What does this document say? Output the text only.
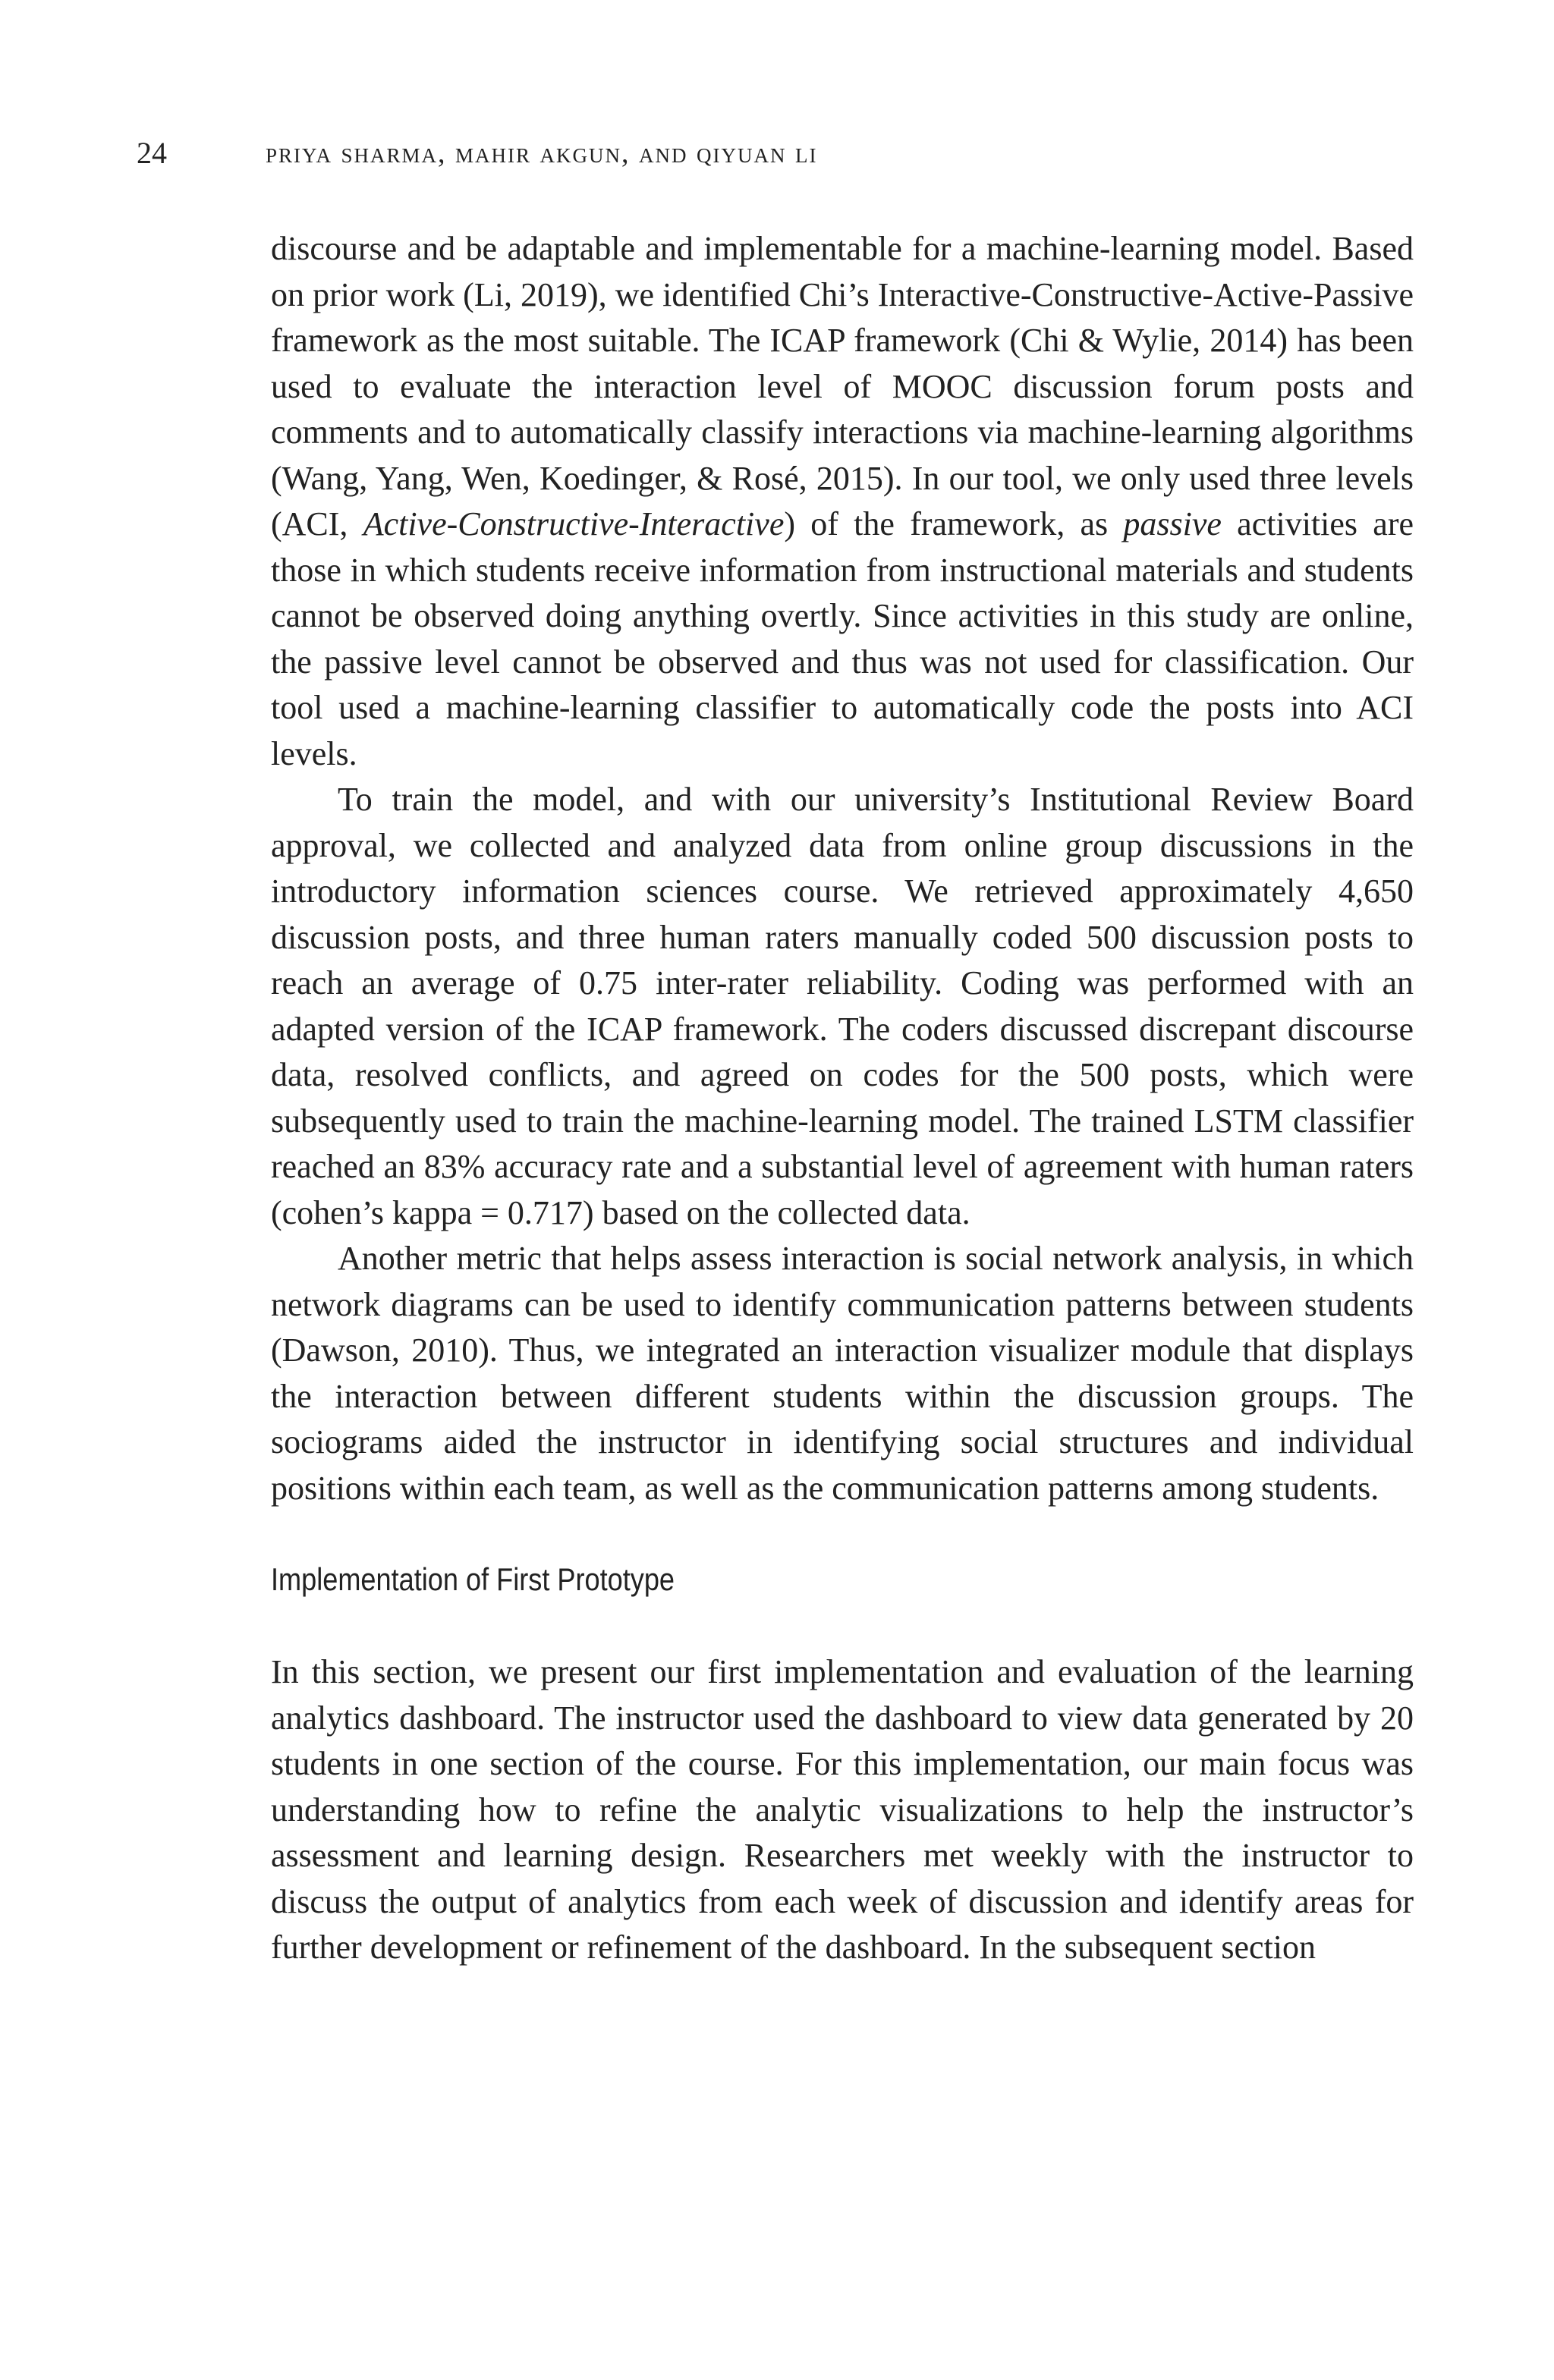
24	priya sharma, mahir akgun, and qiyuan li

discourse and be adaptable and implementable for a machine-learning model. Based on prior work (Li, 2019), we identified Chi’s Interactive-Constructive-Active-Passive framework as the most suitable. The ICAP framework (Chi & Wylie, 2014) has been used to evaluate the interaction level of MOOC discussion forum posts and comments and to automatically classify interactions via machine-learning algorithms (Wang, Yang, Wen, Koedinger, & Rosé, 2015). In our tool, we only used three levels (ACI, Active-Constructive-Interactive) of the framework, as passive activities are those in which students receive information from instructional materials and students cannot be observed doing anything overtly. Since activities in this study are online, the passive level cannot be observed and thus was not used for classification. Our tool used a machine-learning classifier to automatically code the posts into ACI levels.

To train the model, and with our university’s Institutional Review Board approval, we collected and analyzed data from online group discussions in the introductory information sciences course. We retrieved approximately 4,650 discussion posts, and three human raters manually coded 500 discussion posts to reach an average of 0.75 inter-rater reliability. Coding was performed with an adapted version of the ICAP framework. The coders discussed discrepant discourse data, resolved conflicts, and agreed on codes for the 500 posts, which were subsequently used to train the machine-learning model. The trained LSTM classifier reached an 83% accuracy rate and a substantial level of agreement with human raters (cohen’s kappa = 0.717) based on the collected data.

Another metric that helps assess interaction is social network analysis, in which network diagrams can be used to identify communication patterns between students (Dawson, 2010). Thus, we integrated an interaction visualizer module that displays the interaction between different students within the discussion groups. The sociograms aided the instructor in identifying social structures and individual positions within each team, as well as the communication patterns among students.

Implementation of First Prototype

In this section, we present our first implementation and evaluation of the learning analytics dashboard. The instructor used the dashboard to view data generated by 20 students in one section of the course. For this implementation, our main focus was understanding how to refine the analytic visualizations to help the instructor’s assessment and learning design. Researchers met weekly with the instructor to discuss the output of analytics from each week of discussion and identify areas for further development or refinement of the dashboard. In the subsequent section
